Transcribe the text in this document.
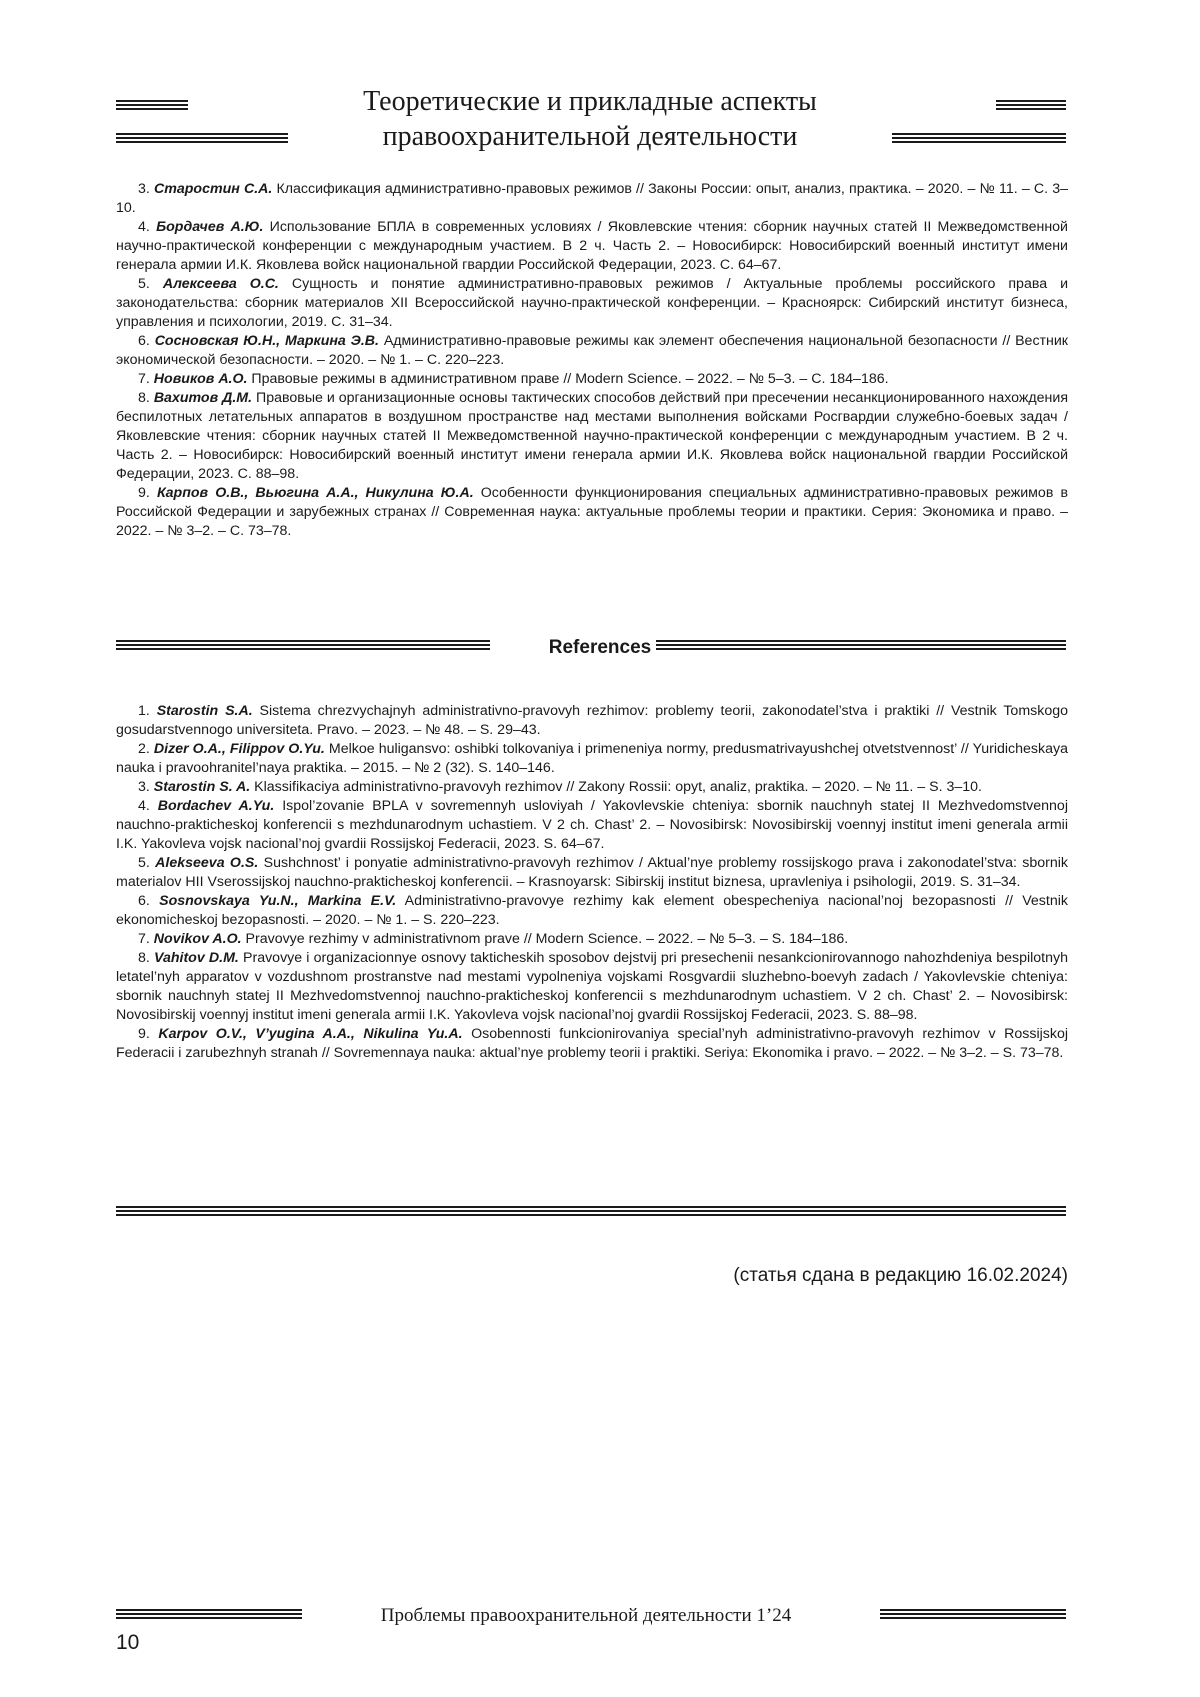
Теоретические и прикладные аспекты
правоохранительной деятельности

3. Старостин С.А. Классификация административно-правовых режимов // Законы России: опыт, анализ, практика. – 2020. – № 11. – С. 3–10.

4. Бордачев А.Ю. Использование БПЛА в современных условиях / Яковлевские чтения: сборник научных статей II Межведомственной научно-практической конференции с международным участием. В 2 ч. Часть 2. – Новосибирск: Новосибирский военный институт имени генерала армии И.К. Яковлева войск национальной гвардии Российской Федерации, 2023. С. 64–67.

5. Алексеева О.С. Сущность и понятие административно-правовых режимов / Актуальные проблемы российского права и законодательства: сборник материалов XII Всероссийской научно-практической конференции. – Красноярск: Сибирский институт бизнеса, управления и психологии, 2019. С. 31–34.

6. Сосновская Ю.Н., Маркина Э.В. Административно-правовые режимы как элемент обеспечения национальной безопасности // Вестник экономической безопасности. – 2020. – № 1. – С. 220–223.

7. Новиков А.О. Правовые режимы в административном праве // Modern Science. – 2022. – № 5–3. – С. 184–186.

8. Вахитов Д.М. Правовые и организационные основы тактических способов действий при пресечении несанкционированного нахождения беспилотных летательных аппаратов в воздушном пространстве над местами выполнения войсками Росгвардии служебно-боевых задач / Яковлевские чтения: сборник научных статей II Межведомственной научно-практической конференции с международным участием. В 2 ч. Часть 2. – Новосибирск: Новосибирский военный институт имени генерала армии И.К. Яковлева войск национальной гвардии Российской Федерации, 2023. С. 88–98.

9. Карпов О.В., Вьюгина А.А., Никулина Ю.А. Особенности функционирования специальных административно-правовых режимов в Российской Федерации и зарубежных странах // Современная наука: актуальные проблемы теории и практики. Серия: Экономика и право. – 2022. – № 3–2. – С. 73–78.

References

1. Starostin S.A. Sistema chrezvychajnyh administrativno-pravovyh rezhimov: problemy teorii, zakonodatel’stva i praktiki // Vestnik Tomskogo gosudarstvennogo universiteta. Pravo. – 2023. – № 48. – S. 29–43.

2. Dizer O.A., Filippov O.Yu. Melkoe huligansvo: oshibki tolkovaniya i primeneniya normy, predusmatrivayushchej otvetstvennost’ // Yuridicheskaya nauka i pravoohranitel’naya praktika. – 2015. – № 2 (32). S. 140–146.

3. Starostin S. A. Klassifikaciya administrativno-pravovyh rezhimov // Zakony Rossii: opyt, analiz, praktika. – 2020. – № 11. – S. 3–10.

4. Bordachev A.Yu. Ispol’zovanie BPLA v sovremennyh usloviyah / Yakovlevskie chteniya: sbornik nauchnyh statej II Mezhvedomstvennoj nauchno-prakticheskoj konferencii s mezhdunarodnym uchastiem. V 2 ch. Chast’ 2. – Novosibirsk: Novosibirskij voennyj institut imeni generala armii I.K. Yakovleva vojsk nacional’noj gvardii Rossijskoj Federacii, 2023. S. 64–67.

5. Alekseeva O.S. Sushchnost’ i ponyatie administrativno-pravovyh rezhimov / Aktual’nye problemy rossijskogo prava i zakonodatel’stva: sbornik materialov HII Vserossijskoj nauchno-prakticheskoj konferencii. – Krasnoyarsk: Sibirskij institut biznesa, upravleniya i psihologii, 2019. S. 31–34.

6. Sosnovskaya Yu.N., Markina E.V. Administrativno-pravovye rezhimy kak element obespecheniya nacional’noj bezopasnosti // Vestnik ekonomicheskoj bezopasnosti. – 2020. – № 1. – S. 220–223.

7. Novikov A.O. Pravovye rezhimy v administrativnom prave // Modern Science. – 2022. – № 5–3. – S. 184–186.

8. Vahitov D.M. Pravovye i organizacionnye osnovy takticheskih sposobov dejstvij pri presechenii nesankcionirovannogo nahozhdeniya bespilotnyh letatel’nyh apparatov v vozdushnom prostranstve nad mestami vypolneniya vojskami Rosgvardii sluzhebno-boevyh zadach / Yakovlevskie chteniya: sbornik nauchnyh statej II Mezhvedomstvennoj nauchno-prakticheskoj konferencii s mezhdunarodnym uchastiem. V 2 ch. Chast’ 2. – Novosibirsk: Novosibirskij voennyj institut imeni generala armii I.K. Yakovleva vojsk nacional’noj gvardii Rossijskoj Federacii, 2023. S. 88–98.

9. Karpov O.V., V’yugina A.A., Nikulina Yu.A. Osobennosti funkcionirovaniya special’nyh administrativno-pravovyh rezhimov v Rossijskoj Federacii i zarubezhnyh stranah // Sovremennaya nauka: aktual’nye problemy teorii i praktiki. Seriya: Ekonomika i pravo. – 2022. – № 3–2. – S. 73–78.

(статья сдана в редакцию 16.02.2024)
Проблемы правоохранительной деятельности 1’24
10
